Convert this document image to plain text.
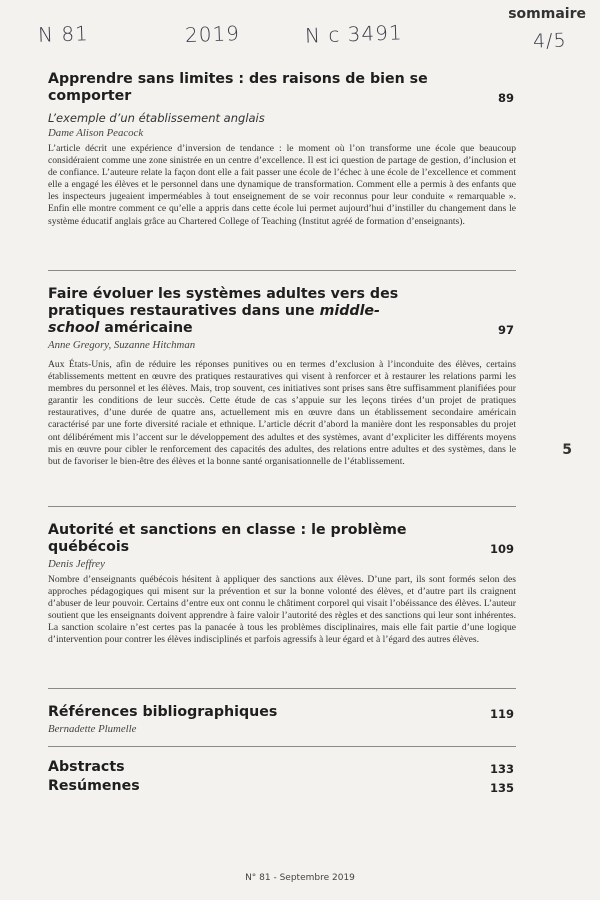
N 81	2019	N c 3491	4/5
sommaire
5
Apprendre sans limites : des raisons de bien se comporter	89
L’exemple d’un établissement anglais
Dame Alison Peacock
L’article décrit une expérience d’inversion de tendance : le moment où l’on transforme une école que beaucoup considéraient comme une zone sinistrée en un centre d’excellence. Il est ici question de partage de gestion, d’inclusion et de confiance. L’auteure relate la façon dont elle a fait passer une école de l’échec à une école de l’excellence et comment elle a engagé les élèves et le personnel dans une dynamique de transformation. Comment elle a permis à des enfants que les inspecteurs jugeaient imperméables à tout enseignement de se voir reconnus pour leur conduite « remarquable ». Enfin elle montre comment ce qu’elle a appris dans cette école lui permet aujourd’hui d’instiller du changement dans le système éducatif anglais grâce au Chartered College of Teaching (Institut agréé de formation d’enseignants).
Faire évoluer les systèmes adultes vers des pratiques restauratives dans une middle-school américaine	97
Anne Gregory, Suzanne Hitchman
Aux États-Unis, afin de réduire les réponses punitives ou en termes d’exclusion à l’inconduite des élèves, certains établissements mettent en œuvre des pratiques restauratives qui visent à renforcer et à restaurer les relations parmi les membres du personnel et les élèves. Mais, trop souvent, ces initiatives sont prises sans être suffisamment planifiées pour garantir les conditions de leur succès. Cette étude de cas s’appuie sur les leçons tirées d’un projet de pratiques restauratives, d’une durée de quatre ans, actuellement mis en œuvre dans un établissement secondaire américain caractérisé par une forte diversité raciale et ethnique. L’article décrit d’abord la manière dont les responsables du projet ont délibérément mis l’accent sur le développement des adultes et des systèmes, avant d’expliciter les différents moyens mis en œuvre pour cibler le renforcement des capacités des adultes, des relations entre adultes et des systèmes, dans le but de favoriser le bien-être des élèves et la bonne santé organisationnelle de l’établissement.
Autorité et sanctions en classe : le problème québécois	109
Denis Jeffrey
Nombre d’enseignants québécois hésitent à appliquer des sanctions aux élèves. D’une part, ils sont formés selon des approches pédagogiques qui misent sur la prévention et sur la bonne volonté des élèves, et d’autre part ils craignent d’abuser de leur pouvoir. Certains d’entre eux ont connu le châtiment corporel qui visait l’obéissance des élèves. L’auteur soutient que les enseignants doivent apprendre à faire valoir l’autorité des règles et des sanctions qui leur sont inhérentes. La sanction scolaire n’est certes pas la panacée à tous les problèmes disciplinaires, mais elle fait partie d’une logique d’intervention pour contrer les élèves indisciplinés et parfois agressifs à leur égard et à l’égard des autres élèves.
Références bibliographiques	119
Bernadette Plumelle
Abstracts	133
Resúmenes	135
N° 81 - Septembre 2019
